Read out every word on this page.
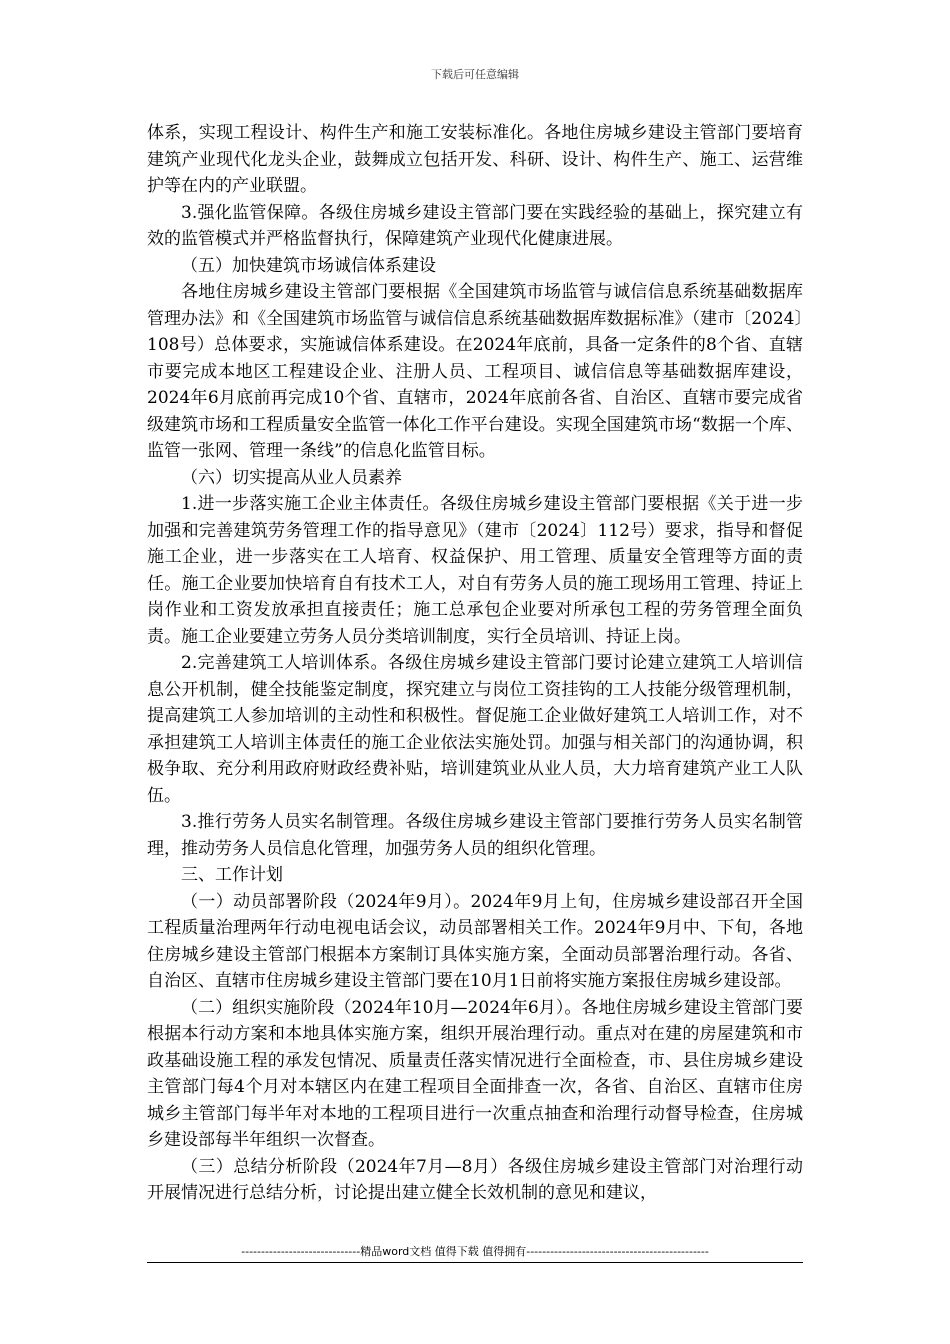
下载后可任意编辑

体系，实现工程设计、构件生产和施工安装标准化。各地住房城乡建设主管部门要培育建筑产业现代化龙头企业，鼓舞成立包括开发、科研、设计、构件生产、施工、运营维护等在内的产业联盟。

3.强化监管保障。各级住房城乡建设主管部门要在实践经验的基础上，探究建立有效的监管模式并严格监督执行，保障建筑产业现代化健康进展。

（五）加快建筑市场诚信体系建设

各地住房城乡建设主管部门要根据《全国建筑市场监管与诚信信息系统基础数据库管理办法》和《全国建筑市场监管与诚信信息系统基础数据库数据标准》（建市〔2024〕108号）总体要求，实施诚信体系建设。在2024年底前，具备一定条件的8个省、直辖市要完成本地区工程建设企业、注册人员、工程项目、诚信信息等基础数据库建设，2024年6月底前再完成10个省、直辖市，2024年底前各省、自治区、直辖市要完成省级建筑市场和工程质量安全监管一体化工作平台建设。实现全国建筑市场“数据一个库、监管一张网、管理一条线”的信息化监管目标。

（六）切实提高从业人员素养

1.进一步落实施工企业主体责任。各级住房城乡建设主管部门要根据《关于进一步加强和完善建筑劳务管理工作的指导意见》（建市〔2024〕112号）要求，指导和督促施工企业，进一步落实在工人培育、权益保护、用工管理、质量安全管理等方面的责任。施工企业要加快培育自有技术工人，对自有劳务人员的施工现场用工管理、持证上岗作业和工资发放承担直接责任；施工总承包企业要对所承包工程的劳务管理全面负责。施工企业要建立劳务人员分类培训制度，实行全员培训、持证上岗。

2.完善建筑工人培训体系。各级住房城乡建设主管部门要讨论建立建筑工人培训信息公开机制，健全技能鉴定制度，探究建立与岗位工资挂钩的工人技能分级管理机制，提高建筑工人参加培训的主动性和积极性。督促施工企业做好建筑工人培训工作，对不承担建筑工人培训主体责任的施工企业依法实施处罚。加强与相关部门的沟通协调，积极争取、充分利用政府财政经费补贴，培训建筑业从业人员，大力培育建筑产业工人队伍。

3.推行劳务人员实名制管理。各级住房城乡建设主管部门要推行劳务人员实名制管理，推动劳务人员信息化管理，加强劳务人员的组织化管理。

三、工作计划

（一）动员部署阶段（2024年9月）。2024年9月上旬，住房城乡建设部召开全国工程质量治理两年行动电视电话会议，动员部署相关工作。2024年9月中、下旬，各地住房城乡建设主管部门根据本方案制订具体实施方案，全面动员部署治理行动。各省、自治区、直辖市住房城乡建设主管部门要在10月1日前将实施方案报住房城乡建设部。

（二）组织实施阶段（2024年10月—2024年6月）。各地住房城乡建设主管部门要根据本行动方案和本地具体实施方案，组织开展治理行动。重点对在建的房屋建筑和市政基础设施工程的承发包情况、质量责任落实情况进行全面检查，市、县住房城乡建设主管部门每4个月对本辖区内在建工程项目全面排查一次，各省、自治区、直辖市住房城乡主管部门每半年对本地的工程项目进行一次重点抽查和治理行动督导检查，住房城乡建设部每半年组织一次督查。

（三）总结分析阶段（2024年7月—8月）各级住房城乡建设主管部门对治理行动开展情况进行总结分析，讨论提出建立健全长效机制的意见和建议，

------------------------------精品word文档 值得下载 值得拥有----------------------------------------------
